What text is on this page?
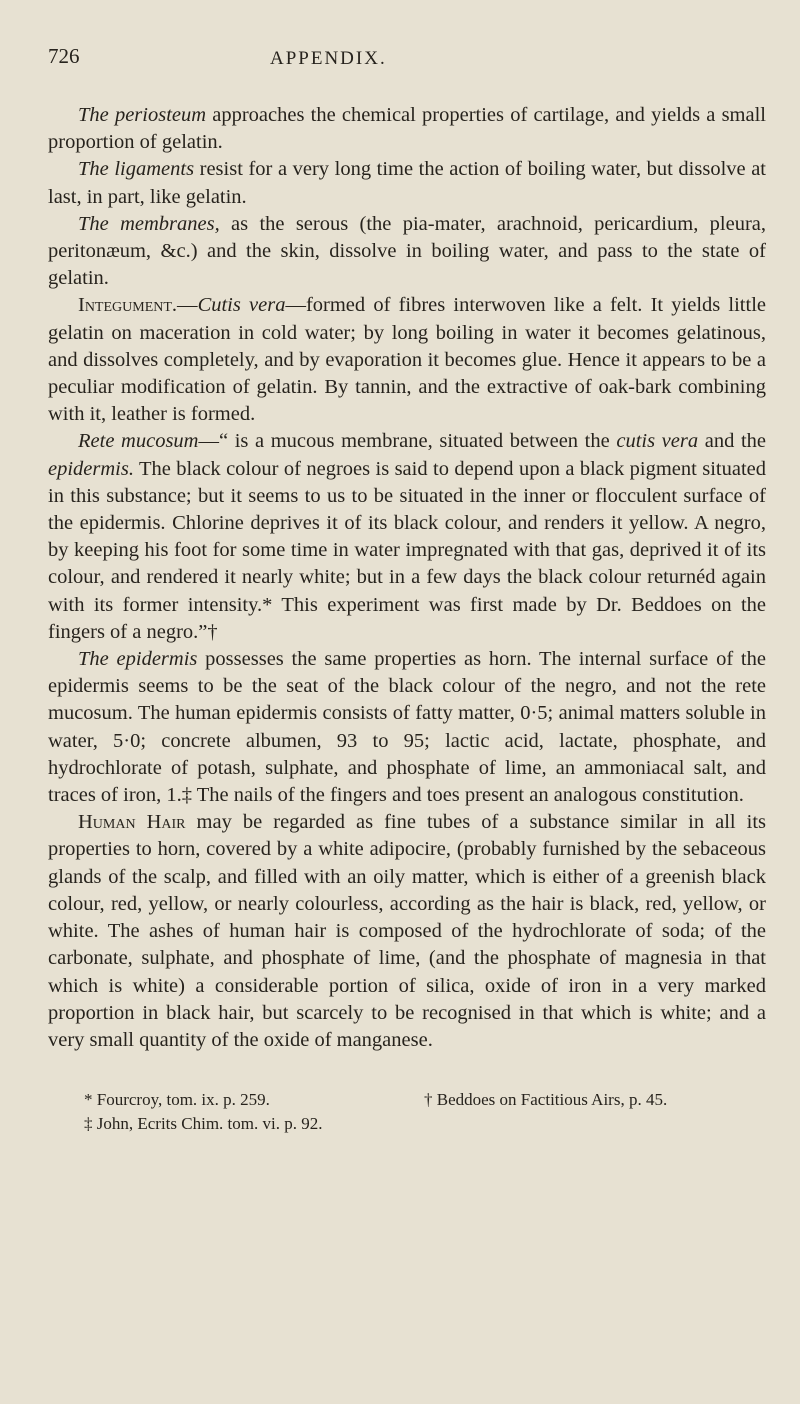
726	APPENDIX.

The periosteum approaches the chemical properties of cartilage, and yields a small proportion of gelatin.

The ligaments resist for a very long time the action of boiling water, but dissolve at last, in part, like gelatin.

The membranes, as the serous (the pia-mater, arachnoid, pericardium, pleura, peritonæum, &c.) and the skin, dissolve in boiling water, and pass to the state of gelatin.

Integument.—Cutis vera—formed of fibres interwoven like a felt. It yields little gelatin on maceration in cold water; by long boiling in water it becomes gelatinous, and dissolves completely, and by evaporation it becomes glue. Hence it appears to be a peculiar modification of gelatin. By tannin, and the extractive of oak-bark combining with it, leather is formed.

Rete mucosum—“ is a mucous membrane, situated between the cutis vera and the epidermis. The black colour of negroes is said to depend upon a black pigment situated in this substance; but it seems to us to be situated in the inner or flocculent surface of the epidermis. Chlorine deprives it of its black colour, and renders it yellow. A negro, by keeping his foot for some time in water impregnated with that gas, deprived it of its colour, and rendered it nearly white; but in a few days the black colour returnéd again with its former intensity.* This experiment was first made by Dr. Beddoes on the fingers of a negro.”†

The epidermis possesses the same properties as horn. The internal surface of the epidermis seems to be the seat of the black colour of the negro, and not the rete mucosum. The human epidermis consists of fatty matter, 0·5; animal matters soluble in water, 5·0; concrete albumen, 93 to 95; lactic acid, lactate, phosphate, and hydrochlorate of potash, sulphate, and phosphate of lime, an ammoniacal salt, and traces of iron, 1.‡ The nails of the fingers and toes present an analogous constitution.

Human Hair may be regarded as fine tubes of a substance similar in all its properties to horn, covered by a white adipocire, (probably furnished by the sebaceous glands of the scalp, and filled with an oily matter, which is either of a greenish black colour, red, yellow, or nearly colourless, according as the hair is black, red, yellow, or white. The ashes of human hair is composed of the hydrochlorate of soda; of the carbonate, sulphate, and phosphate of lime, (and the phosphate of magnesia in that which is white) a considerable portion of silica, oxide of iron in a very marked proportion in black hair, but scarcely to be recognised in that which is white; and a very small quantity of the oxide of manganese.

* Fourcroy, tom. ix. p. 259.	† Beddoes on Factitious Airs, p. 45.
‡ John, Ecrits Chim. tom. vi. p. 92.
